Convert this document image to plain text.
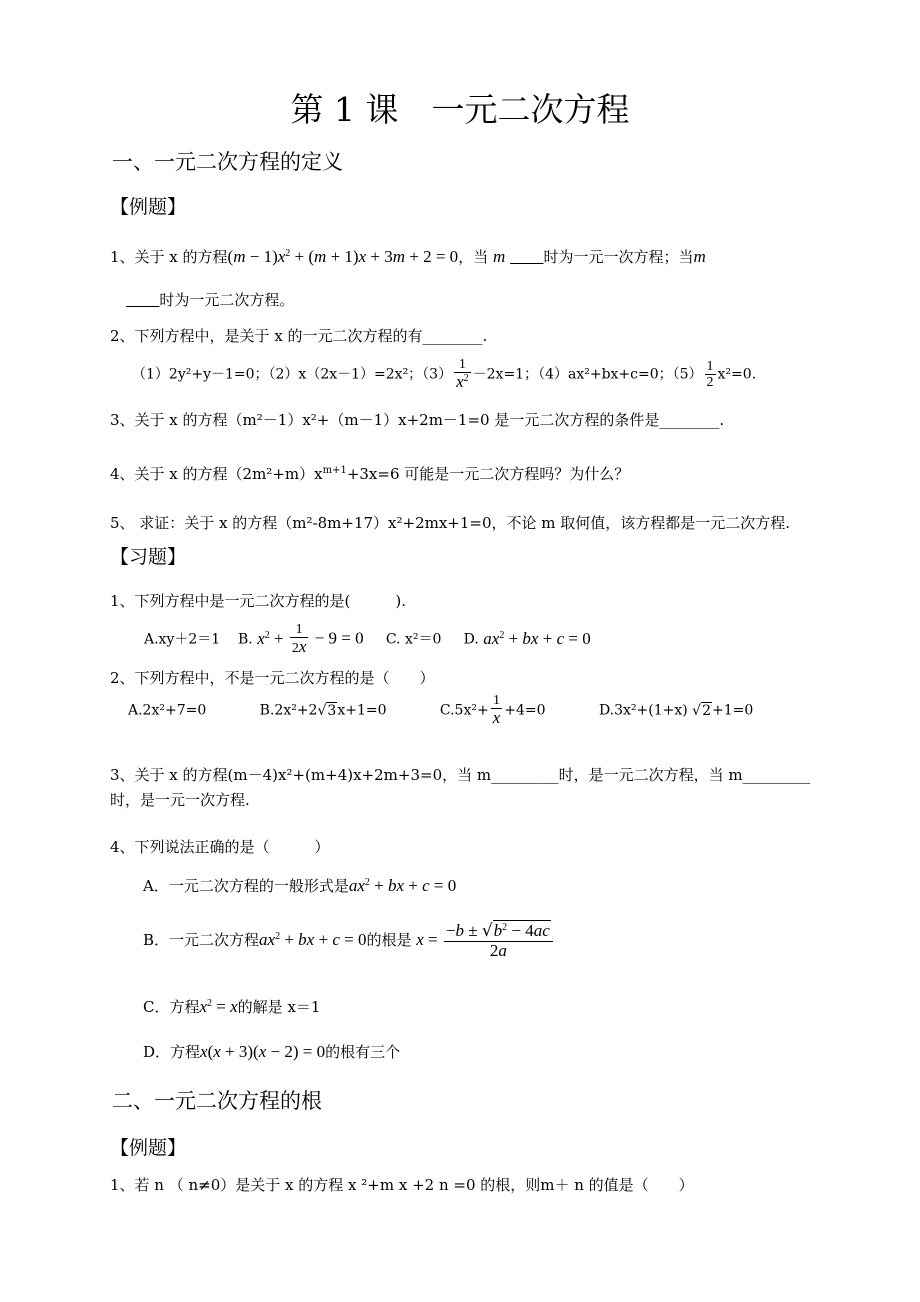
第 1 课　一元二次方程
一、一元二次方程的定义
【例题】
1、关于 x 的方程$(m - 1)x^2 + (m + 1)x + 3m + 2 = 0$，当 m	时为一元一次方程；当m
时为一元二次方程。
2、下列方程中，是关于 x 的一元二次方程的有________.
（1）2y²+y－1=0；（2）x（2x－1）=2x²；$(3) \frac{1}{x^2} -2x=1$；（4）ax²+bx+c=0；$(5) \frac{1}{2} x^2=0$.
3、关于 x 的方程（m²－1）x²+（m－1）x+2m－1=0 是一元二次方程的条件是________.
4、关于 x 的方程$(2m^2+m)x^{m+1}+3x=6$ 可能是一元二次方程吗？为什么？
5、 求证：关于 x 的方程（m²-8m+17）x²+2mx+1=0，不论 m 取何值，该方程都是一元二次方程.
【习题】
1、下列方程中是一元二次方程的是(　　　).
A.xy＋2＝1 B. $x^2 + \frac{1}{2x} - 9 = 0$ C. x²＝0 D. $ax^2$ + bx + c = 0
2、下列方程中，不是一元二次方程的是（　　）
A.2x²+7=0	B.2x²+2√3x+1=0	$C.5x^2+ \frac{1}{x} +4=0$	D.3x²+(1+x) √2+1=0
3、关于 x 的方程(m－4)x²+(m+4)x+2m+3=0，当 m_________时，是一元二次方程，当 m_________
时，是一元一次方程.
4、下列说法正确的是（　　　）
A．一元二次方程的一般形式是$ax^2$ + bx + c = 0
B．一元二次方程$ax^2$ + bx + c = 0的根是 $x = \frac{-b \pm √b^2 - 4ac}{2a}$
C．方程$x^2 = x$的解是 x＝1
D．方程x(x + 3)(x − 2) = 0的根有三个
二、一元二次方程的根
【例题】
1、若 n （ n≠0）是关于 x 的方程 x ²+m x +2 n =0 的根，则m＋ n 的值是（　　）
